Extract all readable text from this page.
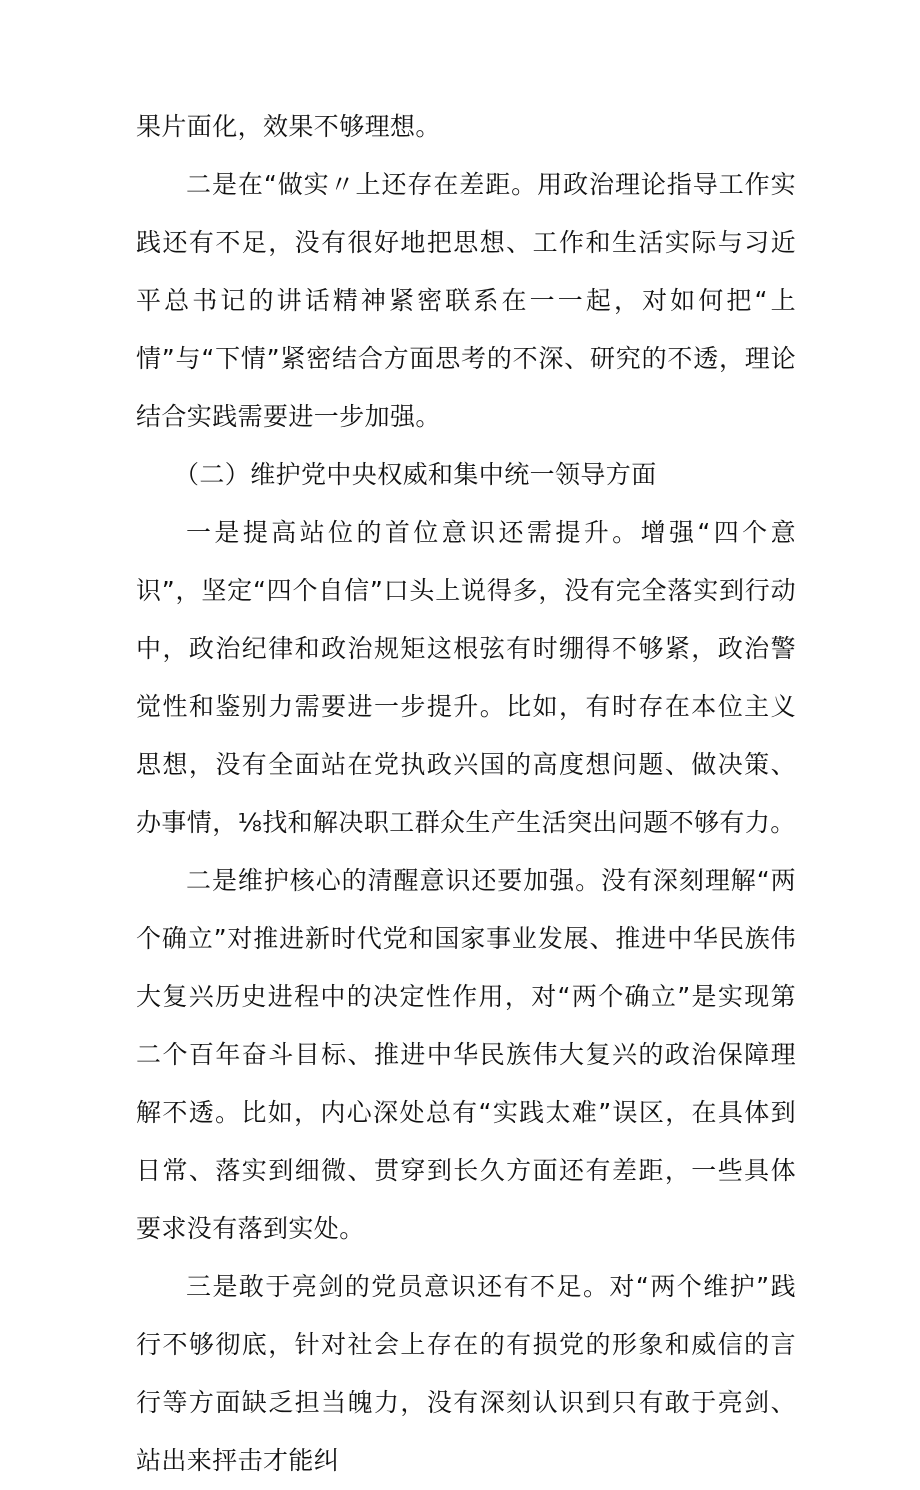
果片面化，效果不够理想。

二是在“做实〃上还存在差距。用政治理论指导工作实践还有不足，没有很好地把思想、工作和生活实际与习近平总书记的讲话精神紧密联系在一一起，对如何把“上情”与“下情”紧密结合方面思考的不深、研究的不透，理论结合实践需要进一步加强。

（二）维护党中央权威和集中统一领导方面

一是提高站位的首位意识还需提升。增强“四个意识”，坚定“四个自信”口头上说得多，没有完全落实到行动中，政治纪律和政治规矩这根弦有时绷得不够紧，政治警觉性和鉴别力需要进一步提升。比如，有时存在本位主义思想，没有全面站在党执政兴国的高度想问题、做决策、办事情，⅛找和解决职工群众生产生活突出问题不够有力。

二是维护核心的清醒意识还要加强。没有深刻理解“两个确立”对推进新时代党和国家事业发展、推进中华民族伟大复兴历史进程中的决定性作用，对“两个确立”是实现第二个百年奋斗目标、推进中华民族伟大复兴的政治保障理解不透。比如，内心深处总有“实践太难”误区，在具体到日常、落实到细微、贯穿到长久方面还有差距，一些具体要求没有落到实处。

三是敢于亮剑的党员意识还有不足。对“两个维护”践行不够彻底，针对社会上存在的有损党的形象和威信的言行等方面缺乏担当魄力，没有深刻认识到只有敢于亮剑、站出来抨击才能纠
